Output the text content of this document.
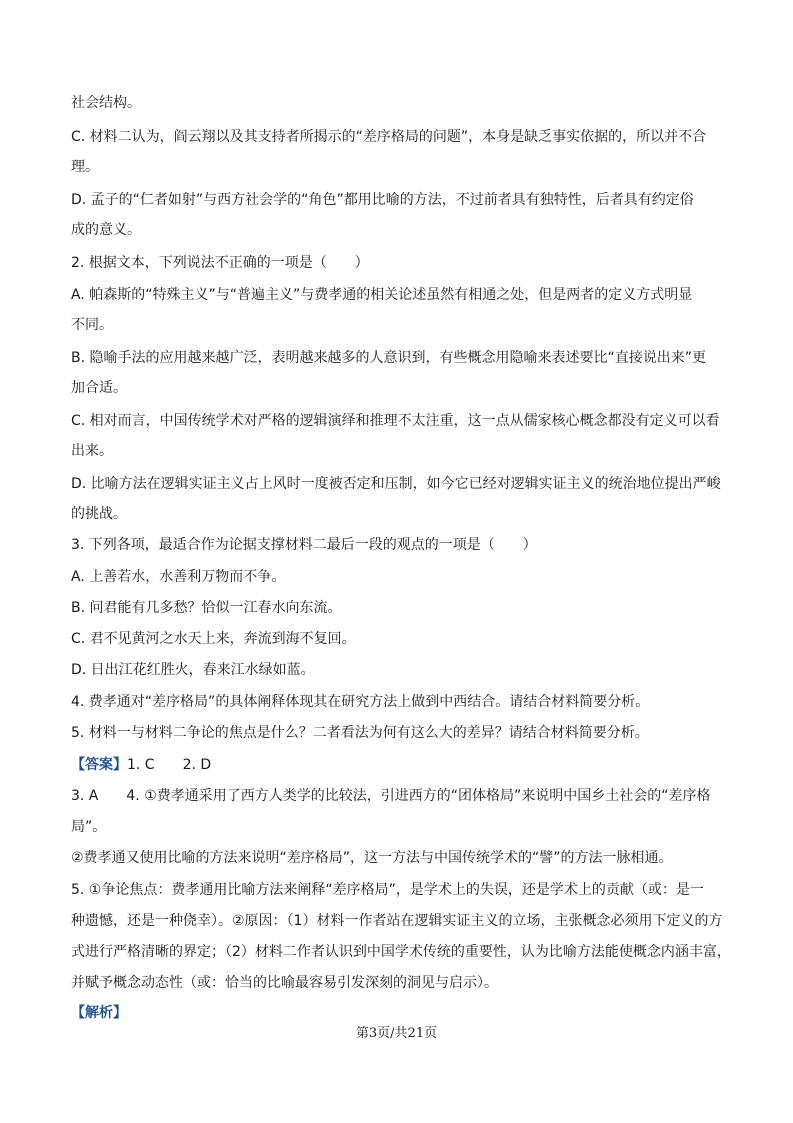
社会结构。
C. 材料二认为，阎云翔以及其支持者所揭示的“差序格局的问题”，本身是缺乏事实依据的，所以并不合
理。
D. 孟子的“仁者如射”与西方社会学的“角色”都用比喻的方法，不过前者具有独特性，后者具有约定俗
成的意义。
2. 根据文本，下列说法不正确的一项是（　　）
A. 帕森斯的“特殊主义”与“普遍主义”与费孝通的相关论述虽然有相通之处，但是两者的定义方式明显
不同。
B. 隐喻手法的应用越来越广泛，表明越来越多的人意识到，有些概念用隐喻来表述要比“直接说出来”更
加合适。
C. 相对而言，中国传统学术对严格的逻辑演绎和推理不太注重，这一点从儒家核心概念都没有定义可以看
出来。
D. 比喻方法在逻辑实证主义占上风时一度被否定和压制，如今它已经对逻辑实证主义的统治地位提出严峻
的挑战。
3. 下列各项，最适合作为论据支撑材料二最后一段的观点的一项是（　　）
A. 上善若水，水善利万物而不争。
B. 问君能有几多愁？恰似一江春水向东流。
C. 君不见黄河之水天上来，奔流到海不复回。
D. 日出江花红胜火，春来江水绿如蓝。
4. 费孝通对“差序格局”的具体阐释体现其在研究方法上做到中西结合。请结合材料简要分析。
5. 材料一与材料二争论的焦点是什么？二者看法为何有这么大的差异？请结合材料简要分析。
【答案】1. C　　2. D
3. A　　4. ①费孝通采用了西方人类学的比较法，引进西方的“团体格局”来说明中国乡土社会的“差序格
局”。
②费孝通又使用比喻的方法来说明“差序格局”，这一方法与中国传统学术的“譬”的方法一脉相通。
5. ①争论焦点：费孝通用比喻方法来阐释“差序格局”，是学术上的失误，还是学术上的贡献（或：是一
种遗憾，还是一种侥幸）。②原因：（1）材料一作者站在逻辑实证主义的立场，主张概念必须用下定义的方
式进行严格清晰的界定；（2）材料二作者认识到中国学术传统的重要性，认为比喻方法能使概念内涵丰富，
并赋予概念动态性（或：恰当的比喻最容易引发深刻的洞见与启示）。
【解析】
第3页/共21页
